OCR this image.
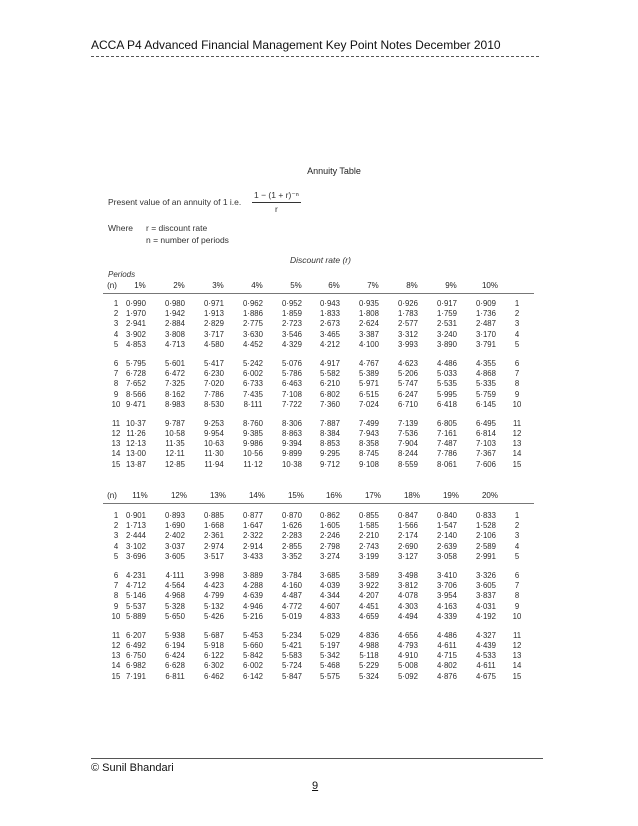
ACCA P4 Advanced Financial Management Key Point Notes December 2010
Annuity Table
Present value of an annuity of 1 i.e. $\frac{\text{1 − (1 + r)⁻ⁿ}}{r}$
Where r = discount rate
n = number of periods
Discount rate (r)
Periods
(n)	1%	2%	3%	4%	5%	6%	7%	8%	9%	10%
1	0·990	0·980	0·971	0·962	0·952	0·943	0·935	0·926	0·917	0·909	1
2	1·970	1·942	1·913	1·886	1·859	1·833	1·808	1·783	1·759	1·736	2
3	2·941	2·884	2·829	2·775	2·723	2·673	2·624	2·577	2·531	2·487	3
4	3·902	3·808	3·717	3·630	3·546	3·465	3·387	3·312	3·240	3·170	4
5	4·853	4·713	4·580	4·452	4·329	4·212	4·100	3·993	3·890	3·791	5
6	5·795	5·601	5·417	5·242	5·076	4·917	4·767	4·623	4·486	4·355	6
7	6·728	6·472	6·230	6·002	5·786	5·582	5·389	5·206	5·033	4·868	7
8	7·652	7·325	7·020	6·733	6·463	6·210	5·971	5·747	5·535	5·335	8
9	8·566	8·162	7·786	7·435	7·108	6·802	6·515	6·247	5·995	5·759	9
10 9·471	8·983	8·530	8·111	7·722	7·360	7·024	6·710	6·418	6·145	10
11 10·37	9·787	9·253	8·760	8·306	7·887	7·499	7·139	6·805	6·495	11
12 11·26	10·58	9·954	9·385	8·863	8·384	7·943	7·536	7·161	6·814	12
13 12·13	11·35	10·63	9·986	9·394	8·853	8·358	7·904	7·487	7·103	13
14 13·00	12·11	11·30	10·56	9·899	9·295	8·745	8·244	7·786	7·367	14
15 13·87	12·85	11·94	11·12	10·38	9·712	9·108	8·559	8·061	7·606	15
(n)	11%	12%	13%	14%	15%	16%	17%	18%	19%	20%
1	0·901	0·893	0·885	0·877	0·870	0·862	0·855	0·847	0·840	0·833	1
2	1·713	1·690	1·668	1·647	1·626	1·605	1·585	1·566	1·547	1·528	2
3	2·444	2·402	2·361	2·322	2·283	2·246	2·210	2·174	2·140	2·106	3
4	3·102	3·037	2·974	2·914	2·855	2·798	2·743	2·690	2·639	2·589	4
5	3·696	3·605	3·517	3·433	3·352	3·274	3·199	3·127	3·058	2·991	5
6	4·231	4·111	3·998	3·889	3·784	3·685	3·589	3·498	3·410	3·326	6
7	4·712	4·564	4·423	4·288	4·160	4·039	3·922	3·812	3·706	3·605	7
8	5·146	4·968	4·799	4·639	4·487	4·344	4·207	4·078	3·954	3·837	8
9	5·537	5·328	5·132	4·946	4·772	4·607	4·451	4·303	4·163	4·031	9
10 5·889	5·650	5·426	5·216	5·019	4·833	4·659	4·494	4·339	4·192	10
11 6·207	5·938	5·687	5·453	5·234	5·029	4·836	4·656	4·486	4·327	11
12 6·492	6·194	5·918	5·660	5·421	5·197	4·988	4·793	4·611	4·439	12
13 6·750	6·424	6·122	5·842	5·583	5·342	5·118	4·910	4·715	4·533	13
14 6·982	6·628	6·302	6·002	5·724	5·468	5·229	5·008	4·802	4·611	14
15 7·191	6·811	6·462	6·142	5·847	5·575	5·324	5·092	4·876	4·675	15
© Sunil Bhandari
9
